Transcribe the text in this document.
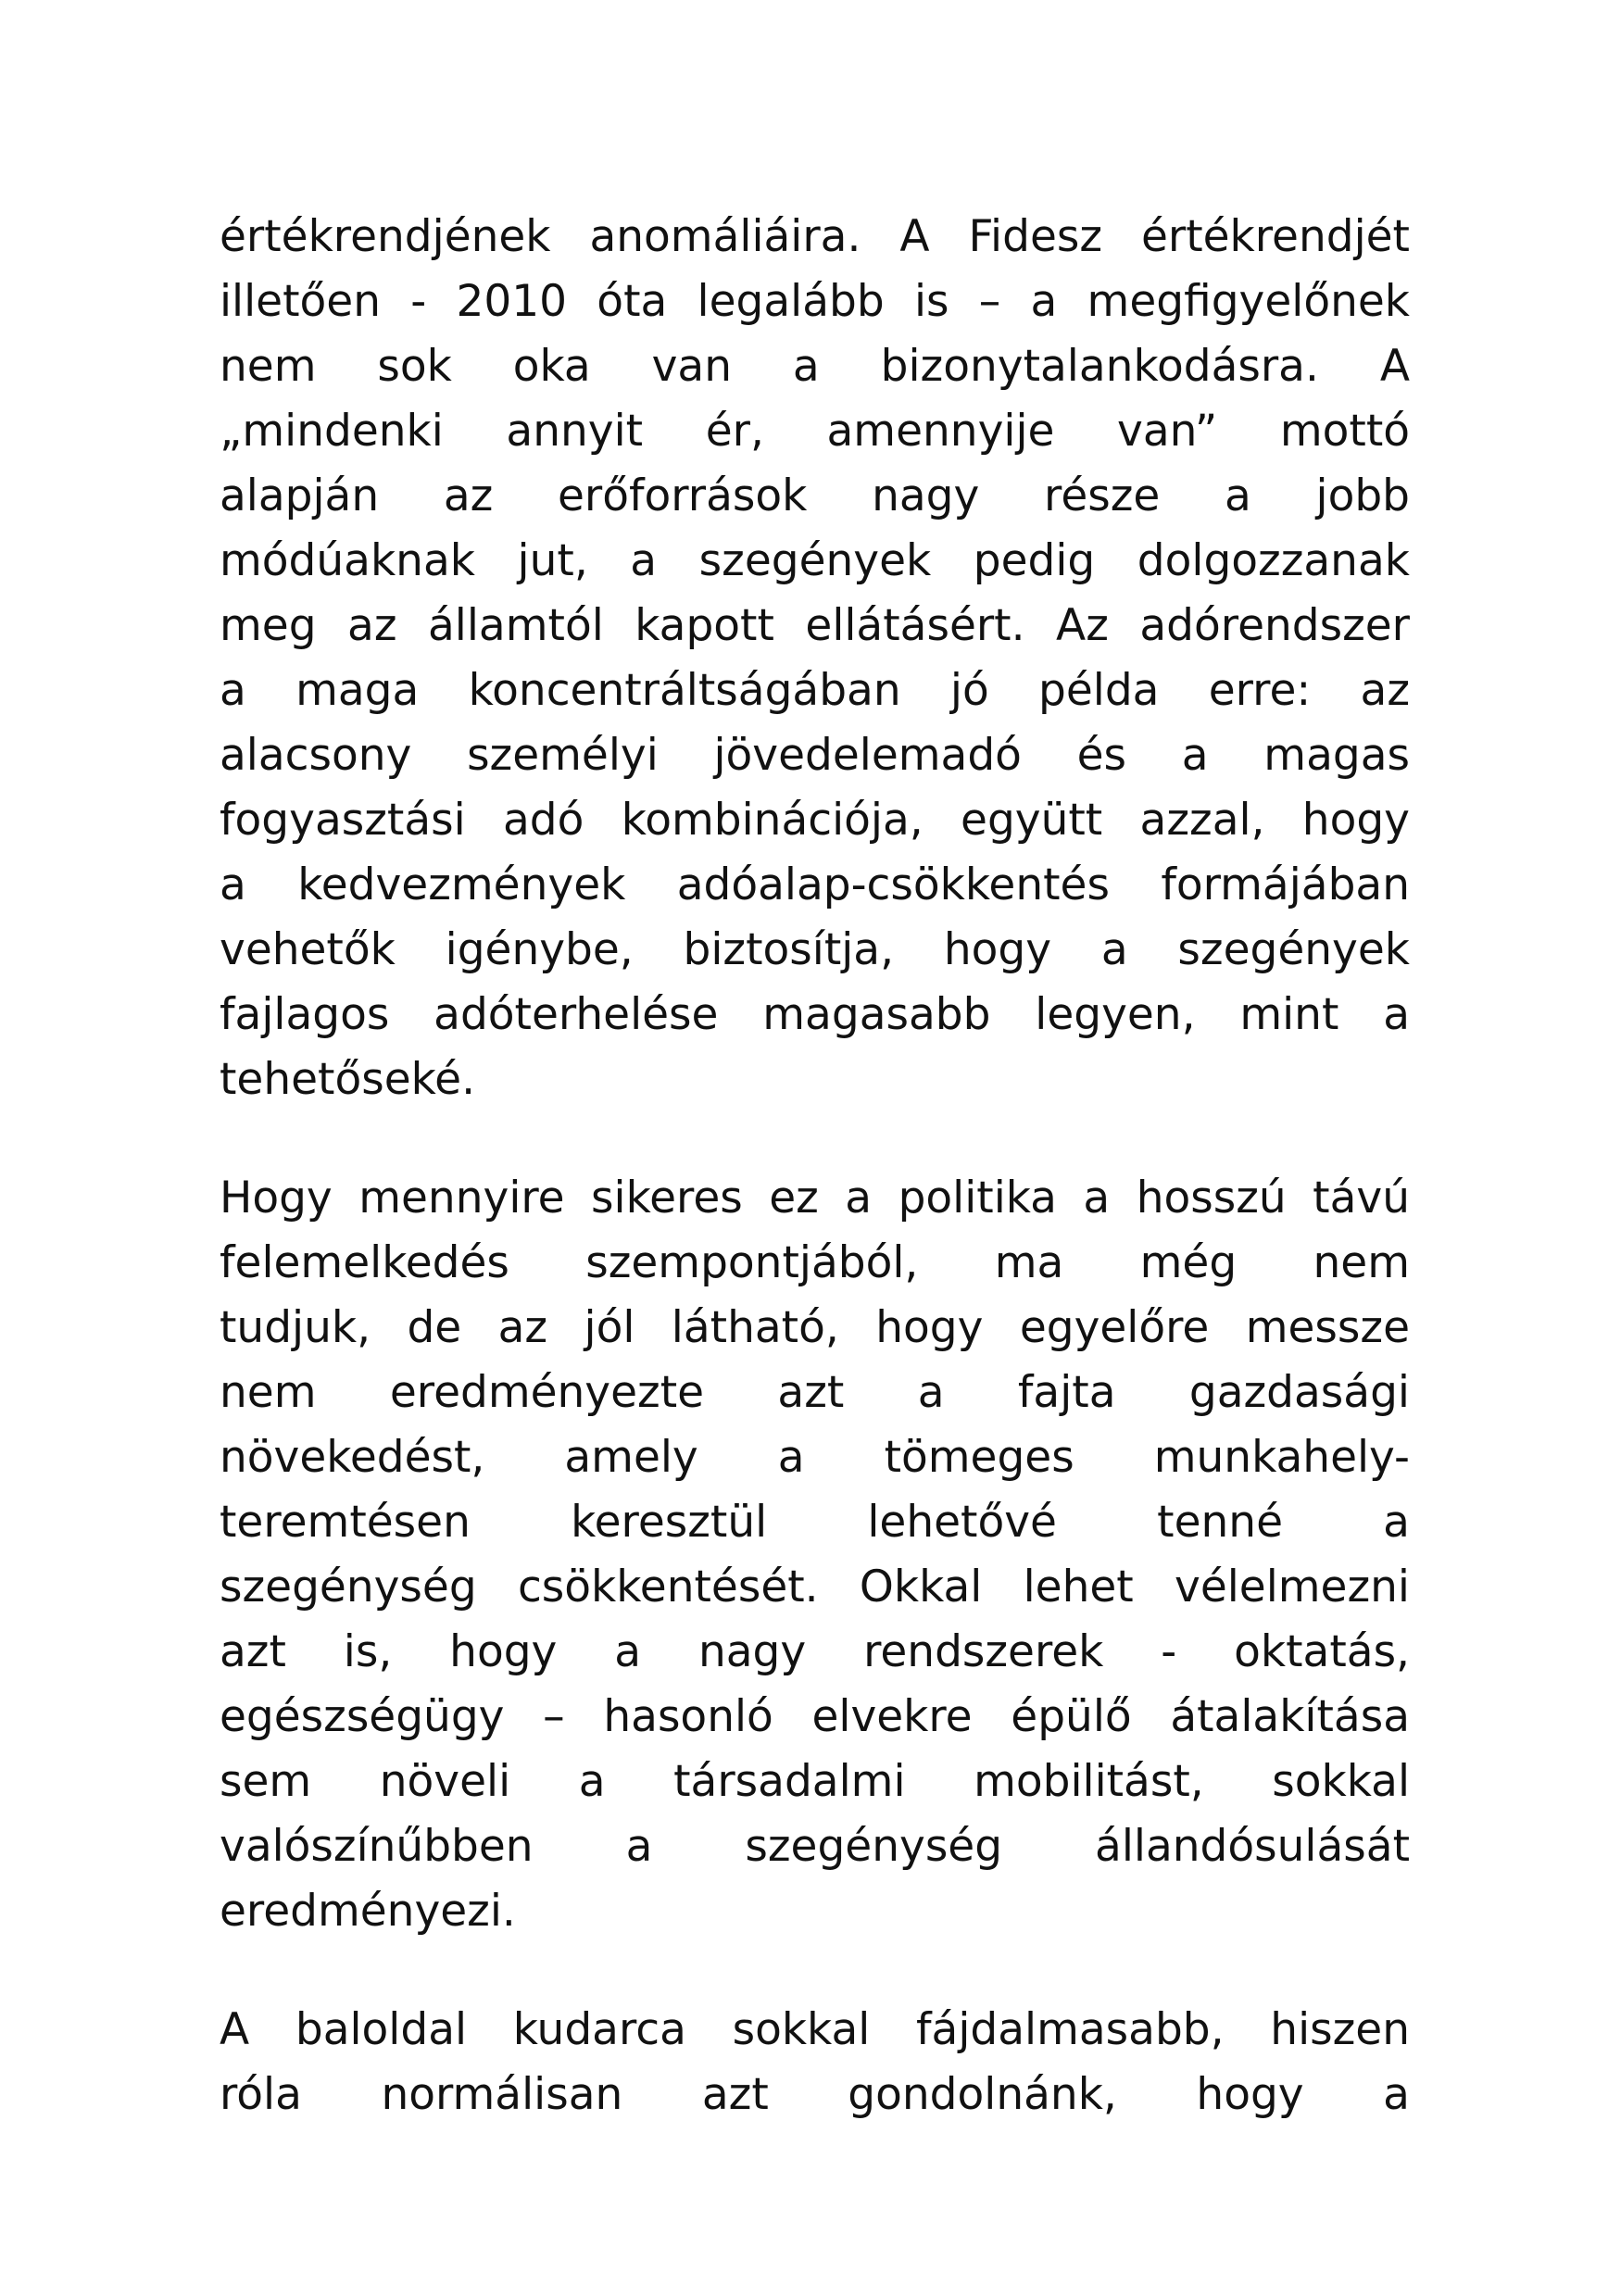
értékrendjének anomáliáira. A Fidesz értékrendjét
illetően - 2010 óta legalább is – a megfigyelőnek
nem sok oka van a bizonytalankodásra. A
„mindenki annyit ér, amennyije van” mottó
alapján az erőforrások nagy része a jobb
módúaknak jut, a szegények pedig dolgozzanak
meg az államtól kapott ellátásért. Az adórendszer
a maga koncentráltságában jó példa erre: az
alacsony személyi jövedelemadó és a magas
fogyasztási adó kombinációja, együtt azzal, hogy
a kedvezmények adóalap-csökkentés formájában
vehetők igénybe, biztosítja, hogy a szegények
fajlagos adóterhelése magasabb legyen, mint a
tehetőseké.
Hogy mennyire sikeres ez a politika a hosszú távú
felemelkedés szempontjából, ma még nem
tudjuk, de az jól látható, hogy egyelőre messze
nem eredményezte azt a fajta gazdasági
növekedést, amely a tömeges munkahely-
teremtésen keresztül lehetővé tenné a
szegénység csökkentését. Okkal lehet vélelmezni
azt is, hogy a nagy rendszerek - oktatás,
egészségügy – hasonló elvekre épülő átalakítása
sem növeli a társadalmi mobilitást, sokkal
valószínűbben a szegénység állandósulását
eredményezi.
A baloldal kudarca sokkal fájdalmasabb, hiszen
róla normálisan azt gondolnánk, hogy a
